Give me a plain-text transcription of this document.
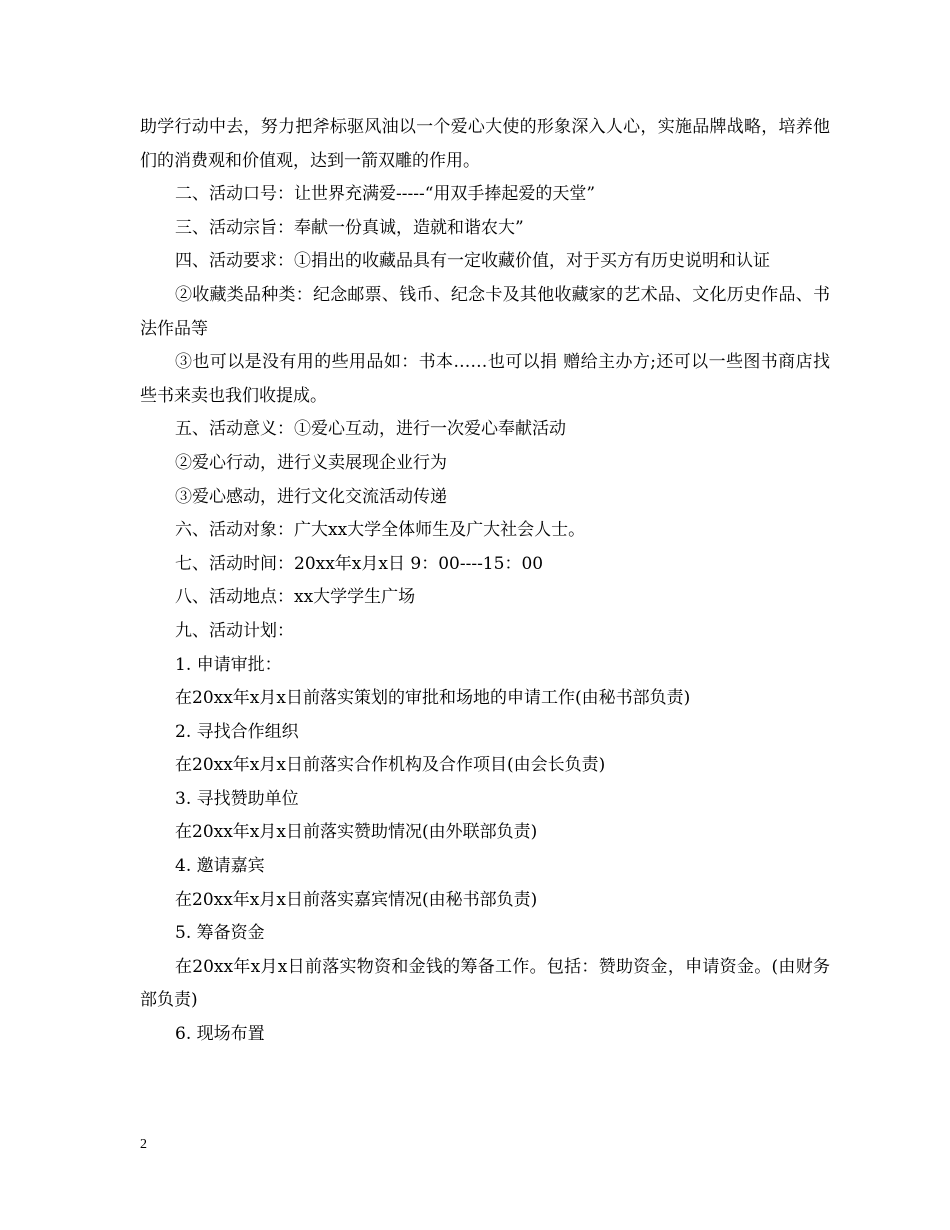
助学行动中去，努力把斧标驱风油以一个爱心大使的形象深入人心，实施品牌战略，培养他们的消费观和价值观，达到一箭双雕的作用。

二、活动口号：让世界充满爱-----“用双手捧起爱的天堂”

三、活动宗旨：奉献一份真诚，造就和谐农大”

四、活动要求：①捐出的收藏品具有一定收藏价值，对于买方有历史说明和认证

②收藏类品种类：纪念邮票、钱币、纪念卡及其他收藏家的艺术品、文化历史作品、书法作品等

③也可以是没有用的些用品如：书本……也可以捐 赠给主办方;还可以一些图书商店找些书来卖也我们收提成。

五、活动意义：①爱心互动，进行一次爱心奉献活动

②爱心行动，进行义卖展现企业行为

③爱心感动，进行文化交流活动传递

六、活动对象：广大xx大学全体师生及广大社会人士。

七、活动时间：20xx年x月x日 9：00----15：00

八、活动地点：xx大学学生广场

九、活动计划：

1. 申请审批：

在20xx年x月x日前落实策划的审批和场地的申请工作(由秘书部负责)

2. 寻找合作组织

在20xx年x月x日前落实合作机构及合作项目(由会长负责)

3. 寻找赞助单位

在20xx年x月x日前落实赞助情况(由外联部负责)

4. 邀请嘉宾

在20xx年x月x日前落实嘉宾情况(由秘书部负责)

5. 筹备资金

在20xx年x月x日前落实物资和金钱的筹备工作。包括：赞助资金，申请资金。(由财务部负责)

6. 现场布置

2
